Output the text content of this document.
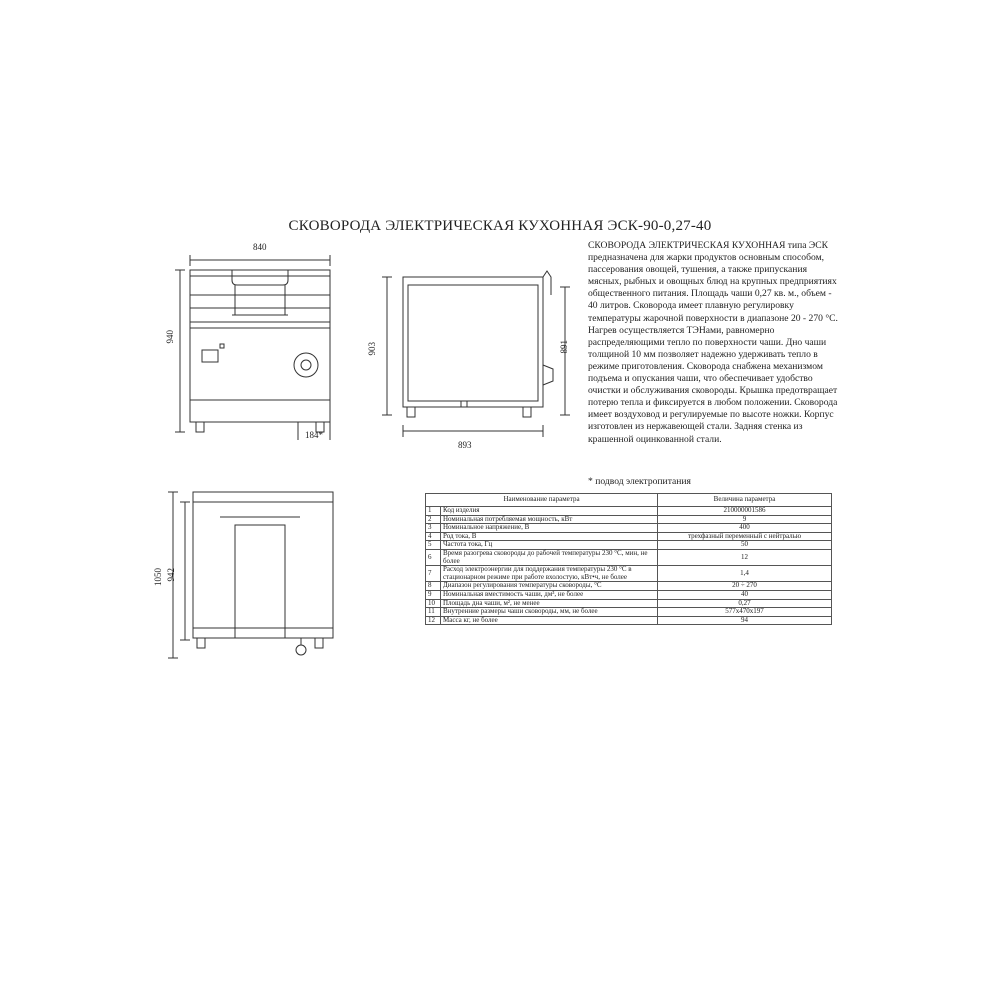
СКОВОРОДА ЭЛЕКТРИЧЕСКАЯ КУХОННАЯ ЭСК-90-0,27-40
840
940
184*
903
893
891
1050 942
СКОВОРОДА ЭЛЕКТРИЧЕСКАЯ КУХОННАЯ типа ЭСК предназначена для жарки продуктов основным способом, пассерования овощей, тушения, а также припускания мясных, рыбных и овощных блюд на крупных предприятиях общественного питания. Площадь чаши 0,27 кв. м., объем - 40 литров. Сковорода имеет плавную регулировку температуры жарочной поверхности в диапазоне 20 - 270 °С. Нагрев осуществляется ТЭНами, равномерно распределяющими тепло по поверхности чаши. Дно чаши толщиной 10 мм позволяет надежно удерживать тепло в режиме приготовления. Сковорода снабжена механизмом подъема и опускания чаши, что обеспечивает удобство очистки и обслуживания сковороды. Крышка предотвращает потерю тепла и фиксируется в любом положении. Сковорода имеет воздуховод и регулируемые по высоте ножки. Корпус изготовлен из нержавеющей стали. Задняя стенка из крашенной оцинкованной стали.
* подвод электропитания
Наименование параметра		Величина параметра
1	Код изделия	210000001586
2	Номинальная потребляемая мощность, кВт	9
3	Номинальное напряжение, В	400
4	Род тока, В	трехфазный переменный с нейтралью
5	Частота тока, Гц	50
6	Время разогрева сковороды до рабочей температуры 230 °С, мин, не более	12
7	Расход электроэнергии для поддержания температуры 230 °С в стационарном режиме при работе вхолостую, кВт•ч, не более	1,4
8	Диапазон регулирования температуры сковороды, °С	20 ÷ 270
9	Номинальная вместимость чаши, дм³, не более	40
10	Площадь дна чаши, м², не менее	0,27
11	Внутренние размеры чаши сковороды, мм, не более	577х470х197
12	Масса кг, не более	94
